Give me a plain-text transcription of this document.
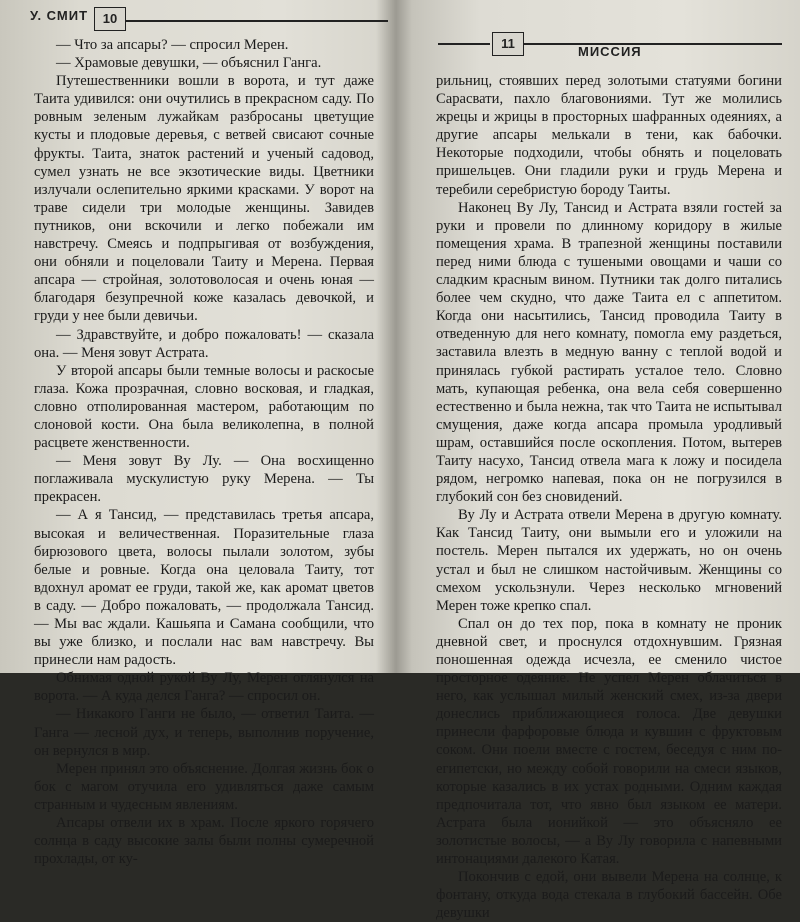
У. СМИТ	10

— Что за апсары? — спросил Мерен.

— Храмовые девушки, — объяснил Ганга.

Путешественники вошли в ворота, и тут даже Таита удивился: они очутились в прекрасном саду. По ровным зеленым лужайкам разбросаны цветущие кусты и плодовые деревья, с ветвей свисают сочные фрукты. Таита, знаток растений и ученый садовод, сумел узнать не все экзотические виды. Цветники излучали ослепительно яркими красками. У ворот на траве сидели три молодые женщины. Завидев путников, они вскочили и легко побежали им навстречу. Смеясь и подпрыгивая от возбуждения, они обняли и поцеловали Таиту и Мерена. Первая апсара — стройная, золотоволосая и очень юная — благодаря безупречной коже казалась девочкой, и груди у нее были девичьи.

— Здравствуйте, и добро пожаловать! — сказала она. — Меня зовут Астрата.

У второй апсары были темные волосы и раскосые глаза. Кожа прозрачная, словно восковая, и гладкая, словно отполированная мастером, работающим по слоновой кости. Она была великолепна, в полной расцвете женственности.

— Меня зовут Ву Лу. — Она восхищенно поглаживала мускулистую руку Мерена. — Ты прекрасен.

— А я Тансид, — представилась третья апсара, высокая и величественная. Поразительные глаза бирюзового цвета, волосы пылали золотом, зубы белые и ровные. Когда она целовала Таиту, тот вдохнул аромат ее груди, такой же, как аромат цветов в саду. — Добро пожаловать, — продолжала Тансид. — Мы вас ждали. Кашьяпа и Самана сообщили, что вы уже близко, и послали нас вам навстречу. Вы принесли нам радость.

Обнимая одной рукой Ву Лу, Мерен оглянулся на ворота. — А куда делся Ганга? — спросил он.

— Никакого Ганги не было, — ответил Таита. — Ганга — лесной дух, и теперь, выполнив поручение, он вернулся в мир.

Мерен принял это объяснение. Долгая жизнь бок о бок с магом отучила его удивляться даже самым странным и чудесным явлениям.

Апсары отвели их в храм. После яркого горячего солнца в саду высокие залы были полны сумеречной прохлады, от ку-

11
МИССИЯ

рильниц, стоявших перед золотыми статуями богини Сарасвати, пахло благовониями. Тут же молились жрецы и жрицы в просторных шафранных одеяниях, а другие апсары мелькали в тени, как бабочки. Некоторые подходили, чтобы обнять и поцеловать пришельцев. Они гладили руки и грудь Мерена и теребили серебристую бороду Таиты.

Наконец Ву Лу, Тансид и Астрата взяли гостей за руки и провели по длинному коридору в жилые помещения храма. В трапезной женщины поставили перед ними блюда с тушеными овощами и чаши со сладким красным вином. Путники так долго питались более чем скудно, что даже Таита ел с аппетитом. Когда они насытились, Тансид проводила Таиту в отведенную для него комнату, помогла ему раздеться, заставила влезть в медную ванну с теплой водой и принялась губкой растирать усталое тело. Словно мать, купающая ребенка, она вела себя совершенно естественно и была нежна, так что Таита не испытывал смущения, даже когда апсара промыла уродливый шрам, оставшийся после оскопления. Потом, вытерев Таиту насухо, Тансид отвела мага к ложу и посидела рядом, негромко напевая, пока он не погрузился в глубокий сон без сновидений.

Ву Лу и Астрата отвели Мерена в другую комнату. Как Тансид Таиту, они вымыли его и уложили на постель. Мерен пытался их удержать, но он очень устал и был не слишком настойчивым. Женщины со смехом ускользнули. Через несколько мгновений Мерен тоже крепко спал.

Спал он до тех пор, пока в комнату не проник дневной свет, и проснулся отдохнувшим. Грязная поношенная одежда исчезла, ее сменило чистое просторное одеяние. Не успел Мерен облачиться в него, как услышал милый женский смех, из-за двери донеслись приближающиеся голоса. Две девушки принесли фарфоровые блюда и кувшин с фруктовым соком. Они поели вместе с гостем, беседуя с ним по-египетски, но между собой говорили на смеси языков, которые казались в их устах родными. Одним каждая предпочитала тот, что явно был языком ее матери. Астрата была ионийкой — это объясняло ее золотистые волосы, — а Ву Лу говорила с напевными интонациями далекого Катая.

Покончив с едой, они вывели Мерена на солнце, к фонтану, откуда вода стекала в глубокий бассейн. Обе девушки
